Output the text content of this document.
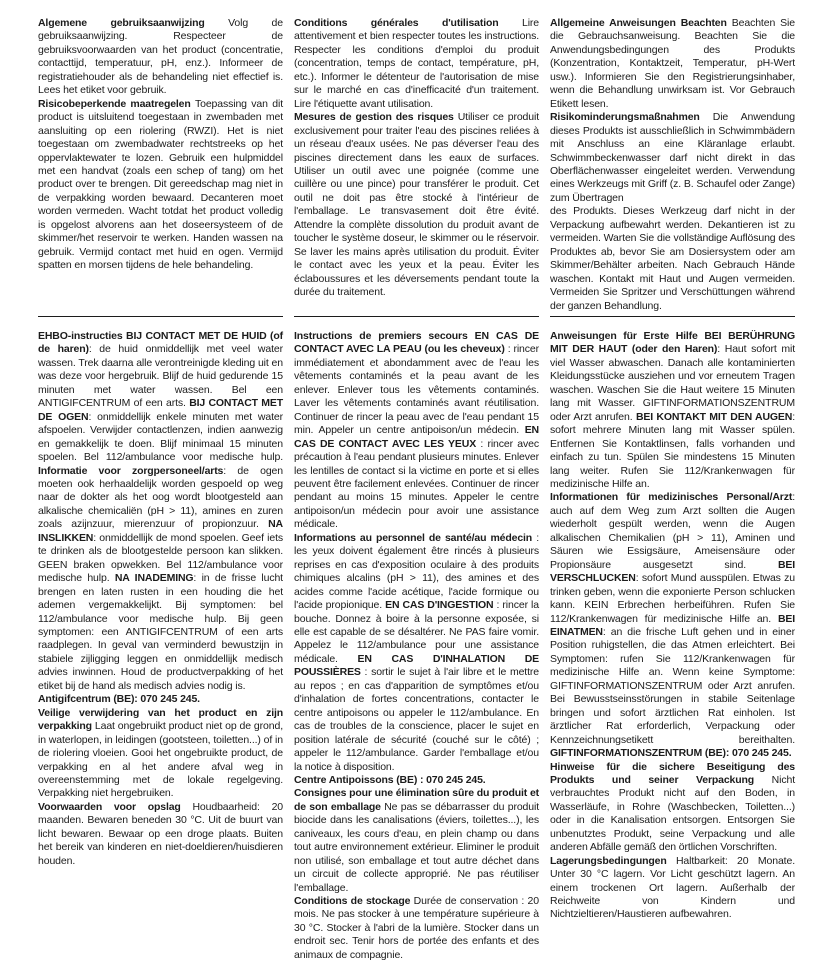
Algemene gebruiksaanwijzing Volg de gebruiksaanwijzing. Respecteer de gebruiksvoorwaarden van het product (concentratie, contacttijd, temperatuur, pH, enz.). Informeer de registratiehouder als de behandeling niet effectief is. Lees het etiket voor gebruik.

Risicobeperkende maatregelen Toepassing van dit product is uitsluitend toegestaan in zwembaden met aansluiting op een riolering (RWZI). Het is niet toegestaan om zwembadwater rechtstreeks op het oppervlaktewater te lozen. Gebruik een hulpmiddel met een handvat (zoals een schep of tang) om het product over te brengen. Dit gereedschap mag niet in de verpakking worden bewaard. Decanteren moet worden vermeden. Wacht totdat het product volledig is opgelost alvorens aan het doseersysteem of de skimmer/het reservoir te werken. Handen wassen na gebruik. Vermijd contact met huid en ogen. Vermijd spatten en morsen tijdens de hele behandeling.

EHBO-instructies BIJ CONTACT MET DE HUID (of de haren): de huid onmiddellijk met veel water wassen. Trek daarna alle verontreinigde kleding uit en was deze voor hergebruik. Blijf de huid gedurende 15 minuten met water wassen. Bel een ANTIGIFCENTRUM of een arts. BIJ CONTACT MET DE OGEN: onmiddellijk enkele minuten met water afspoelen. Verwijder contactlenzen, indien aanwezig en gemakkelijk te doen. Blijf minimaal 15 minuten spoelen. Bel 112/ambulance voor medische hulp. Informatie voor zorgpersoneel/arts: de ogen moeten ook herhaaldelijk worden gespoeld op weg naar de dokter als het oog wordt blootgesteld aan alkalische chemicaliën (pH > 11), amines en zuren zoals azijnzuur, mierenzuur of propionzuur. NA INSLIKKEN: onmiddellijk de mond spoelen. Geef iets te drinken als de blootgestelde persoon kan slikken. GEEN braken opwekken. Bel 112/ambulance voor medische hulp. NA INADEMING: in de frisse lucht brengen en laten rusten in een houding die het ademen vergemakkelijkt. Bij symptomen: bel 112/ambulance voor medische hulp. Bij geen symptomen: een ANTIGIFCENTRUM of een arts raadplegen. In geval van verminderd bewustzijn in stabiele zijligging leggen en onmiddellijk medisch advies inwinnen. Houd de productverpakking of het etiket bij de hand als medisch advies nodig is.

Antigifcentrum (BE): 070 245 245.

Veilige verwijdering van het product en zijn verpakking Laat ongebruikt product niet op de grond, in waterlopen, in leidingen (gootsteen, toiletten...) of in de riolering vloeien. Gooi het ongebruikte product, de verpakking en al het andere afval weg in overeenstemming met de lokale regelgeving. Verpakking niet hergebruiken.

Voorwaarden voor opslag Houdbaarheid: 20 maanden. Bewaren beneden 30 °C. Uit de buurt van licht bewaren. Bewaar op een droge plaats. Buiten het bereik van kinderen en niet-doeldieren/huisdieren houden.

Conditions générales d'utilisation Lire attentivement et bien respecter toutes les instructions. Respecter les conditions d'emploi du produit (concentration, temps de contact, température, pH, etc.). Informer le détenteur de l'autorisation de mise sur le marché en cas d'inefficacité d'un traitement. Lire l'étiquette avant utilisation.

Mesures de gestion des risques Utiliser ce produit exclusivement pour traiter l'eau des piscines reliées à un réseau d'eaux usées. Ne pas déverser l'eau des piscines directement dans les eaux de surfaces. Utiliser un outil avec une poignée (comme une cuillère ou une pince) pour transférer le produit. Cet outil ne doit pas être stocké à l'intérieur de l'emballage. Le transvasement doit être évité. Attendre la complète dissolution du produit avant de toucher le système doseur, le skimmer ou le réservoir. Se laver les mains après utilisation du produit. Éviter le contact avec les yeux et la peau. Éviter les éclaboussures et les déversements pendant toute la durée du traitement.

Instructions de premiers secours EN CAS DE CONTACT AVEC LA PEAU (ou les cheveux) : rincer immédiatement et abondamment avec de l'eau les vêtements contaminés et la peau avant de les enlever. Enlever tous les vêtements contaminés. Laver les vêtements contaminés avant réutilisation. Continuer de rincer la peau avec de l'eau pendant 15 min. Appeler un centre antipoison/un médecin. EN CAS DE CONTACT AVEC LES YEUX : rincer avec précaution à l'eau pendant plusieurs minutes. Enlever les lentilles de contact si la victime en porte et si elles peuvent être facilement enlevées. Continuer de rincer pendant au moins 15 minutes. Appeler le centre antipoison/un médecin pour avoir une assistance médicale.

Informations au personnel de santé/au médecin : les yeux doivent également être rincés à plusieurs reprises en cas d'exposition oculaire à des produits chimiques alcalins (pH > 11), des amines et des acides comme l'acide acétique, l'acide formique ou l'acide propionique. EN CAS D'INGESTION : rincer la bouche. Donnez à boire à la personne exposée, si elle est capable de se désaltérer. Ne PAS faire vomir. Appelez le 112/ambulance pour une assistance médicale. EN CAS D'INHALATION DE POUSSIÈRES : sortir le sujet à l'air libre et le mettre au repos ; en cas d'apparition de symptômes et/ou d'inhalation de fortes concentrations, contacter le centre antipoisons ou appeler le 112/ambulance. En cas de troubles de la conscience, placer le sujet en position latérale de sécurité (couché sur le côté) ; appeler le 112/ambulance. Garder l'emballage et/ou la notice à disposition.

Centre Antipoissons (BE) : 070 245 245.

Consignes pour une élimination sûre du produit et de son emballage Ne pas se débarrasser du produit biocide dans les canalisations (éviers, toilettes...), les caniveaux, les cours d'eau, en plein champ ou dans tout autre environnement extérieur. Eliminer le produit non utilisé, son emballage et tout autre déchet dans un circuit de collecte approprié. Ne pas réutiliser l'emballage.

Conditions de stockage Durée de conservation : 20 mois. Ne pas stocker à une température supérieure à 30 °C. Stocker à l'abri de la lumière. Stocker dans un endroit sec. Tenir hors de portée des enfants et des animaux de compagnie.

Allgemeine Anweisungen Beachten Beachten Sie die Gebrauchsanweisung. Beachten Sie die Anwendungsbedingungen des Produkts (Konzentration, Kontaktzeit, Temperatur, pH-Wert usw.). Informieren Sie den Registrierungsinhaber, wenn die Behandlung unwirksam ist. Vor Gebrauch Etikett lesen.

Risikominderungsmaßnahmen Die Anwendung dieses Produkts ist ausschließlich in Schwimmbädern mit Anschluss an eine Kläranlage erlaubt. Schwimmbeckenwasser darf nicht direkt in das Oberflächenwasser eingeleitet werden. Verwendung eines Werkzeugs mit Griff (z. B. Schaufel oder Zange) zum Übertragen
des Produkts. Dieses Werkzeug darf nicht in der Verpackung aufbewahrt werden. Dekantieren ist zu vermeiden. Warten Sie die vollständige Auflösung des Produktes ab, bevor Sie am Dosiersystem oder am Skimmer/Behälter arbeiten. Nach Gebrauch Hände waschen. Kontakt mit Haut und Augen vermeiden. Vermeiden Sie Spritzer und Verschüttungen während der ganzen Behandlung.

Anweisungen für Erste Hilfe BEI BERÜHRUNG MIT DER HAUT (oder den Haren): Haut sofort mit viel Wasser abwaschen. Danach alle kontaminierten Kleidungsstücke ausziehen und vor erneutem Tragen waschen. Waschen Sie die Haut weitere 15 Minuten lang mit Wasser. GIFTINFORMATIONSZENTRUM oder Arzt anrufen. BEI KONTAKT MIT DEN AUGEN: sofort mehrere Minuten lang mit Wasser spülen. Entfernen Sie Kontaktlinsen, falls vorhanden und einfach zu tun. Spülen Sie mindestens 15 Minuten lang weiter. Rufen Sie 112/Krankenwagen für medizinische Hilfe an.

Informationen für medizinisches Personal/Arzt: auch auf dem Weg zum Arzt sollten die Augen wiederholt gespült werden, wenn die Augen alkalischen Chemikalien (pH > 11), Aminen und Säuren wie Essigsäure, Ameisensäure oder Propionsäure ausgesetzt sind. BEI VERSCHLUCKEN: sofort Mund ausspülen. Etwas zu trinken geben, wenn die exponierte Person schlucken kann. KEIN Erbrechen herbeiführen. Rufen Sie 112/Krankenwagen für medizinische Hilfe an. BEI EINATMEN: an die frische Luft gehen und in einer Position ruhigstellen, die das Atmen erleichtert. Bei Symptomen: rufen Sie 112/Krankenwagen für medizinische Hilfe an. Wenn keine Symptome: GIFTINFORMATIONSZENTRUM oder Arzt anrufen. Bei Bewusstseinsstörungen in stabile Seitenlage bringen und sofort ärztlichen Rat einholen. Ist ärztlicher Rat erforderlich, Verpackung oder Kennzeichnungsetikett bereithalten. GIFTINFORMATIONSZENTRUM (BE): 070 245 245.

Hinweise für die sichere Beseitigung des Produkts und seiner Verpackung Nicht verbrauchtes Produkt nicht auf den Boden, in Wasserläufe, in Rohre (Waschbecken, Toiletten...) oder in die Kanalisation entsorgen. Entsorgen Sie unbenutztes Produkt, seine Verpackung und alle anderen Abfälle gemäß den örtlichen Vorschriften.

Lagerungsbedingungen Haltbarkeit: 20 Monate. Unter 30 °C lagern. Vor Licht geschützt lagern. An einem trockenen Ort lagern. Außerhalb der Reichweite von Kindern und Nichtzieltieren/Haustieren aufbewahren.
